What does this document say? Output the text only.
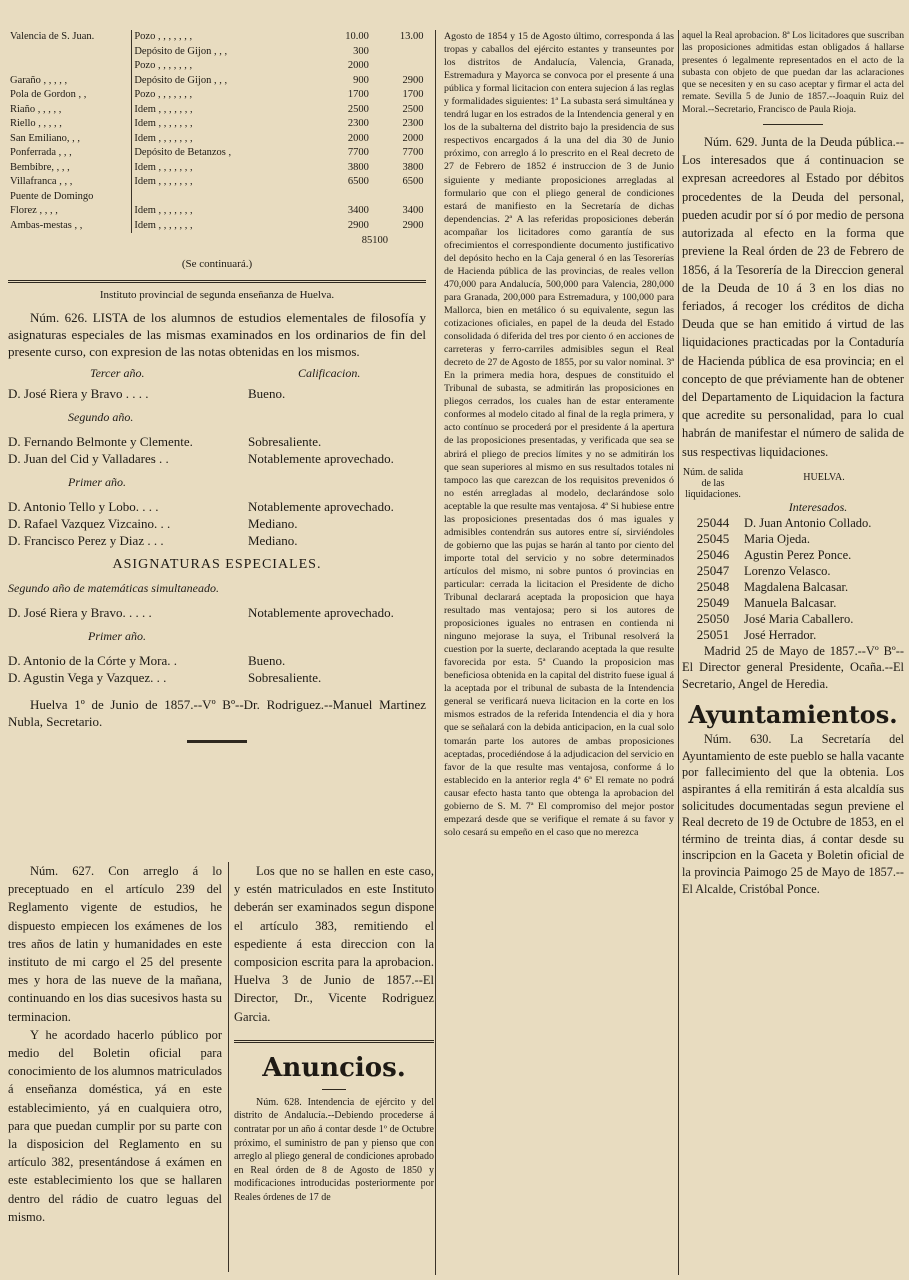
Valencia de S. Juan.	Pozo , , , , , , ,	10.00	13.00
	Depósito de Gijon , , ,	300	
	Pozo , , , , , , ,	2000	
Garaño , , , , ,	Depósito de Gijon , , ,	900	2900
Pola de Gordon , ,	Pozo , , , , , , ,	1700	1700
Riaño , , , , ,	Idem , , , , , , ,	2500	2500
Riello , , , , ,	Idem , , , , , , ,	2300	2300
San Emiliano, , ,	Idem , , , , , , ,	2000	2000
Ponferrada , , ,	Depósito de Betanzos ,	7700	7700
Bembibre, , , ,	Idem , , , , , , ,	3800	3800
Villafranca , , ,	Idem , , , , , , ,	6500	6500
Puente de Domingo			
Florez , , , ,	Idem , , , , , , ,	3400	3400
Ambas-mestas , ,	Idem , , , , , , ,	2900	2900
85100
(Se continuará.)
Instituto provincial de segunda enseñanza de Huelva.

Núm. 626. LISTA de los alumnos de estudios elementales de filosofía y asignaturas especiales de las mismas examinados en los ordinarios de fin del presente curso, con expresion de las notas obtenidas en los mismos.

Tercer año.	Calificacion.
D. José Riera y Bravo . . . .	Bueno.
Segundo año.
D. Fernando Belmonte y Clemente.	Sobresaliente.
D. Juan del Cid y Valladares . .	Notablemente aprovechado.
Primer año.
D. Antonio Tello y Lobo. . . .	Notablemente aprovechado.
D. Rafael Vazquez Vizcaino. . .	Mediano.
D. Francisco Perez y Diaz . . .	Mediano.
ASIGNATURAS ESPECIALES.
Segundo año de matemáticas simultaneado.
D. José Riera y Bravo. . . . .	Notablemente aprovechado.
Primer año.
D. Antonio de la Córte y Mora. .	Bueno.
D. Agustin Vega y Vazquez. . .	Sobresaliente.

Huelva 1º de Junio de 1857.--Vº Bº--Dr. Rodriguez.--Manuel Martinez Nubla, Secretario.

Núm. 627. Con arreglo á lo preceptuado en el artículo 239 del Reglamento vigente de estudios, he dispuesto empiecen los exámenes de los tres años de latin y humanidades en este instituto de mi cargo el 25 del presente mes y hora de las nueve de la mañana, continuando en los dias sucesivos hasta su terminacion.

Y he acordado hacerlo público por medio del Boletin oficial para conocimiento de los alumnos matriculados á enseñanza doméstica, yá en este establecimiento, yá en cualquiera otro, para que puedan cumplir por su parte con la disposicion del Reglamento en su artículo 382, presentándose á exámen en este establecimiento los que se hallaren dentro del rádio de cuatro leguas del mismo.

Los que no se hallen en este caso, y estén matriculados en este Instituto deberán ser examinados segun dispone el artículo 383, remitiendo el espediente á esta direccion con la composicion escrita para la aprobacion. Huelva 3 de Junio de 1857.--El Director, Dr., Vicente Rodriguez Garcia.

Anuncios.

Núm. 628. Intendencia de ejército y del distrito de Andalucía.--Debiendo procederse á contratar por un año á contar desde 1º de Octubre próximo, el suministro de pan y pienso que con arreglo al pliego general de condiciones aprobado en Real órden de 8 de Agosto de 1850 y modificaciones introducidas posteriormente por Reales órdenes de 17 de

Agosto de 1854 y 15 de Agosto último, corresponda á las tropas y caballos del ejército estantes y transeuntes por los distritos de Andalucía, Valencia, Granada, Estremadura y Mayorca se convoca por el presente á una pública y formal licitacion con entera sujecion á las reglas y formalidades siguientes: 1ª La subasta será simultánea y tendrá lugar en los estrados de la Intendencia general y en los de la subalterna del distrito bajo la presidencia de sus respectivos encargados á la una del dia 30 de Junio próximo, con arreglo á lo prescrito en el Real decreto de 27 de Febrero de 1852 é instruccion de 3 de Junio siguiente y mediante proposiciones arregladas al formulario que con el pliego general de condiciones estará de manifiesto en la Secretaría de dichas dependencias. 2ª A las referidas proposiciones deberán acompañar los licitadores como garantía de sus ofrecimientos el correspondiente documento justificativo del depósito hecho en la Caja general ó en las Tesorerías de Hacienda pública de las provincias, de reales vellon 470,000 para Andalucía, 500,000 para Valencia, 280,000 para Granada, 200,000 para Estremadura, y 100,000 para Mallorca, bien en metálico ó su equivalente, segun las cotizaciones oficiales, en papel de la deuda del Estado consolidada ó diferida del tres por ciento ó en acciones de carreteras y ferro-carriles admisibles segun el Real decreto de 27 de Agosto de 1855, por su valor nominal. 3ª En la primera media hora, despues de constituido el Tribunal de subasta, se admitirán las proposiciones en pliegos cerrados, los cuales han de estar enteramente conformes al modelo citado al final de la regla primera, y acto contínuo se procederá por el presidente á la apertura de las proposiciones presentadas, y verificada que sea se abrirá el pliego de precios límites y no se admitirán los que sean superiores al mismo en sus resultados totales ni tampoco las que carezcan de los requisitos prevenidos ó no estén arregladas al modelo, declarándose solo aceptable la que resulte mas ventajosa. 4ª Si hubiese entre las proposiciones presentadas dos ó mas iguales y admisibles contendrán sus autores entre sí, sirviéndoles de gobierno que las pujas se harán al tanto por ciento del importe total del servicio y no sobre determinados artículos del mismo, ni sobre puntos ó provincias en particular: cerrada la licitacion el Presidente de dicho Tribunal declarará aceptada la proposicion que haya resultado mas ventajosa; pero si los autores de proposiciones iguales no entrasen en contienda ni ninguno mejorase la suya, el Tribunal resolverá la cuestion por la suerte, declarando aceptada la que resulte favorecida por esta. 5ª Cuando la proposicion mas beneficiosa obtenida en la capital del distrito fuese igual á la aceptada por el tribunal de subasta de la Intendencia general se verificará nueva licitacion en la corte en los mismos estrados de la referida Intendencia el dia y hora que se señalará con la debida anticipacion, en la cual solo tomarán parte los autores de ambas proposiciones aceptadas, procediéndose á la adjudicacion del servicio en favor de la que resulte mas ventajosa, conforme á lo establecido en la anterior regla 4ª 6ª El remate no podrá causar efecto hasta tanto que obtenga la aprobacion del gobierno de S. M. 7ª El compromiso del mejor postor empezará desde que se verifique el remate á su favor y solo cesará su empeño en el caso que no merezca

aquel la Real aprobacion. 8ª Los licitadores que suscriban las proposiciones admitidas estan obligados á hallarse presentes ó legalmente representados en el acto de la subasta con objeto de que puedan dar las aclaraciones que se necesiten y en su caso aceptar y firmar el acta del remate. Sevilla 5 de Junio de 1857.--Joaquin Ruiz del Moral.--Secretario, Francisco de Paula Rioja.

Núm. 629. Junta de la Deuda pública.--Los interesados que á continuacion se expresan acreedores al Estado por débitos procedentes de la Deuda del personal, pueden acudir por sí ó por medio de persona autorizada al efecto en la forma que previene la Real órden de 23 de Febrero de 1856, á la Tesorería de la Direccion general de la Deuda de 10 á 3 en los dias no feriados, á recoger los créditos de dicha Deuda que se han emitido á virtud de las liquidaciones practicadas por la Contaduría de Hacienda pública de esa provincia; en el concepto de que préviamente han de obtener del Departamento de Liquidacion la factura que acredite su personalidad, para lo cual habrán de manifestar el número de salida de sus respectivas liquidaciones.

Núm. de salida de las liquidaciones.
HUELVA.
Interesados.
25044	D. Juan Antonio Collado.
25045	Maria Ojeda.
25046	Agustin Perez Ponce.
25047	Lorenzo Velasco.
25048	Magdalena Balcasar.
25049	Manuela Balcasar.
25050	José Maria Caballero.
25051	José Herrador.

Madrid 25 de Mayo de 1857.--Vº Bº--El Director general Presidente, Ocaña.--El Secretario, Angel de Heredia.

Ayuntamientos.

Núm. 630. La Secretaría del Ayuntamiento de este pueblo se halla vacante por fallecimiento del que la obtenia. Los aspirantes á ella remitirán á esta alcaldía sus solicitudes documentadas segun previene el Real decreto de 19 de Octubre de 1853, en el término de treinta dias, á contar desde su inscripcion en la Gaceta y Boletin oficial de la provincia Paimogo 25 de Mayo de 1857.--El Alcalde, Cristóbal Ponce.
